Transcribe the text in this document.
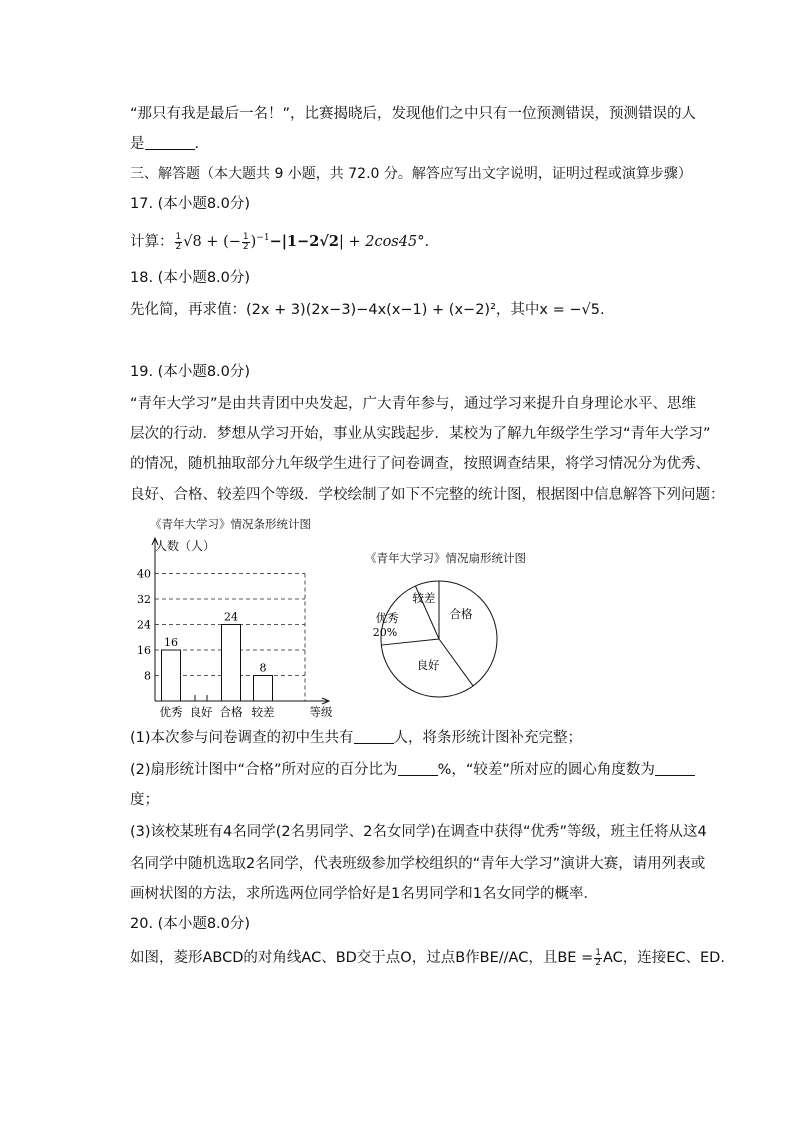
“那只有我是最后一名！”，比赛揭晓后，发现他们之中只有一位预测错误，预测错误的人
是	.
三、解答题（本大题共 9 小题，共 72.0 分。解答应写出文字说明，证明过程或演算步骤）
17. (本小题8.0分)
计算： $\frac{1}{2} √8$ + (− $\frac{1}{2} )^{-1}-|1-2√2| + 2\cos 45^\circ$.
18. (本小题8.0分)
先化简，再求值：(2x + 3)(2x−3)−4x(x−1) + (x−2)²，其中x = −√5.
19. (本小题8.0分)
“青年大学习”是由共青团中央发起，广大青年参与，通过学习来提升自身理论水平、思维
层次的行动．梦想从学习开始，事业从实践起步．某校为了解九年级学生学习“青年大学习”
的情况，随机抽取部分九年级学生进行了问卷调查，按照调查结果，将学习情况分为优秀、
良好、合格、较差四个等级．学校绘制了如下不完整的统计图，根据图中信息解答下列问题：
《青年大学习》情况条形统计图
人数（人）
8
16
24
32
40
16
优秀 良好
24
合格
8
较差	等级
《青年大学习》情况扇形统计图
优秀
20%
合格
良好
较差
(1)本次参与问卷调查的初中生共有	人，将条形统计图补充完整；
(2)扇形统计图中“合格”所对应的百分比为	%，“较差”所对应的圆心角度数为
度；
(3)该校某班有4名同学(2名男同学、2名女同学)在调查中获得“优秀”等级，班主任将从这4
名同学中随机选取2名同学，代表班级参加学校组织的“青年大学习”演讲大赛，请用列表或
画树状图的方法，求所选两位同学恰好是1名男同学和1名女同学的概率．
20. (本小题8.0分)
如图，菱形ABCD的对角线AC、BD交于点O，过点B作BE//AC，且BE = $\frac{1}{2}$ AC，连接EC、ED.
